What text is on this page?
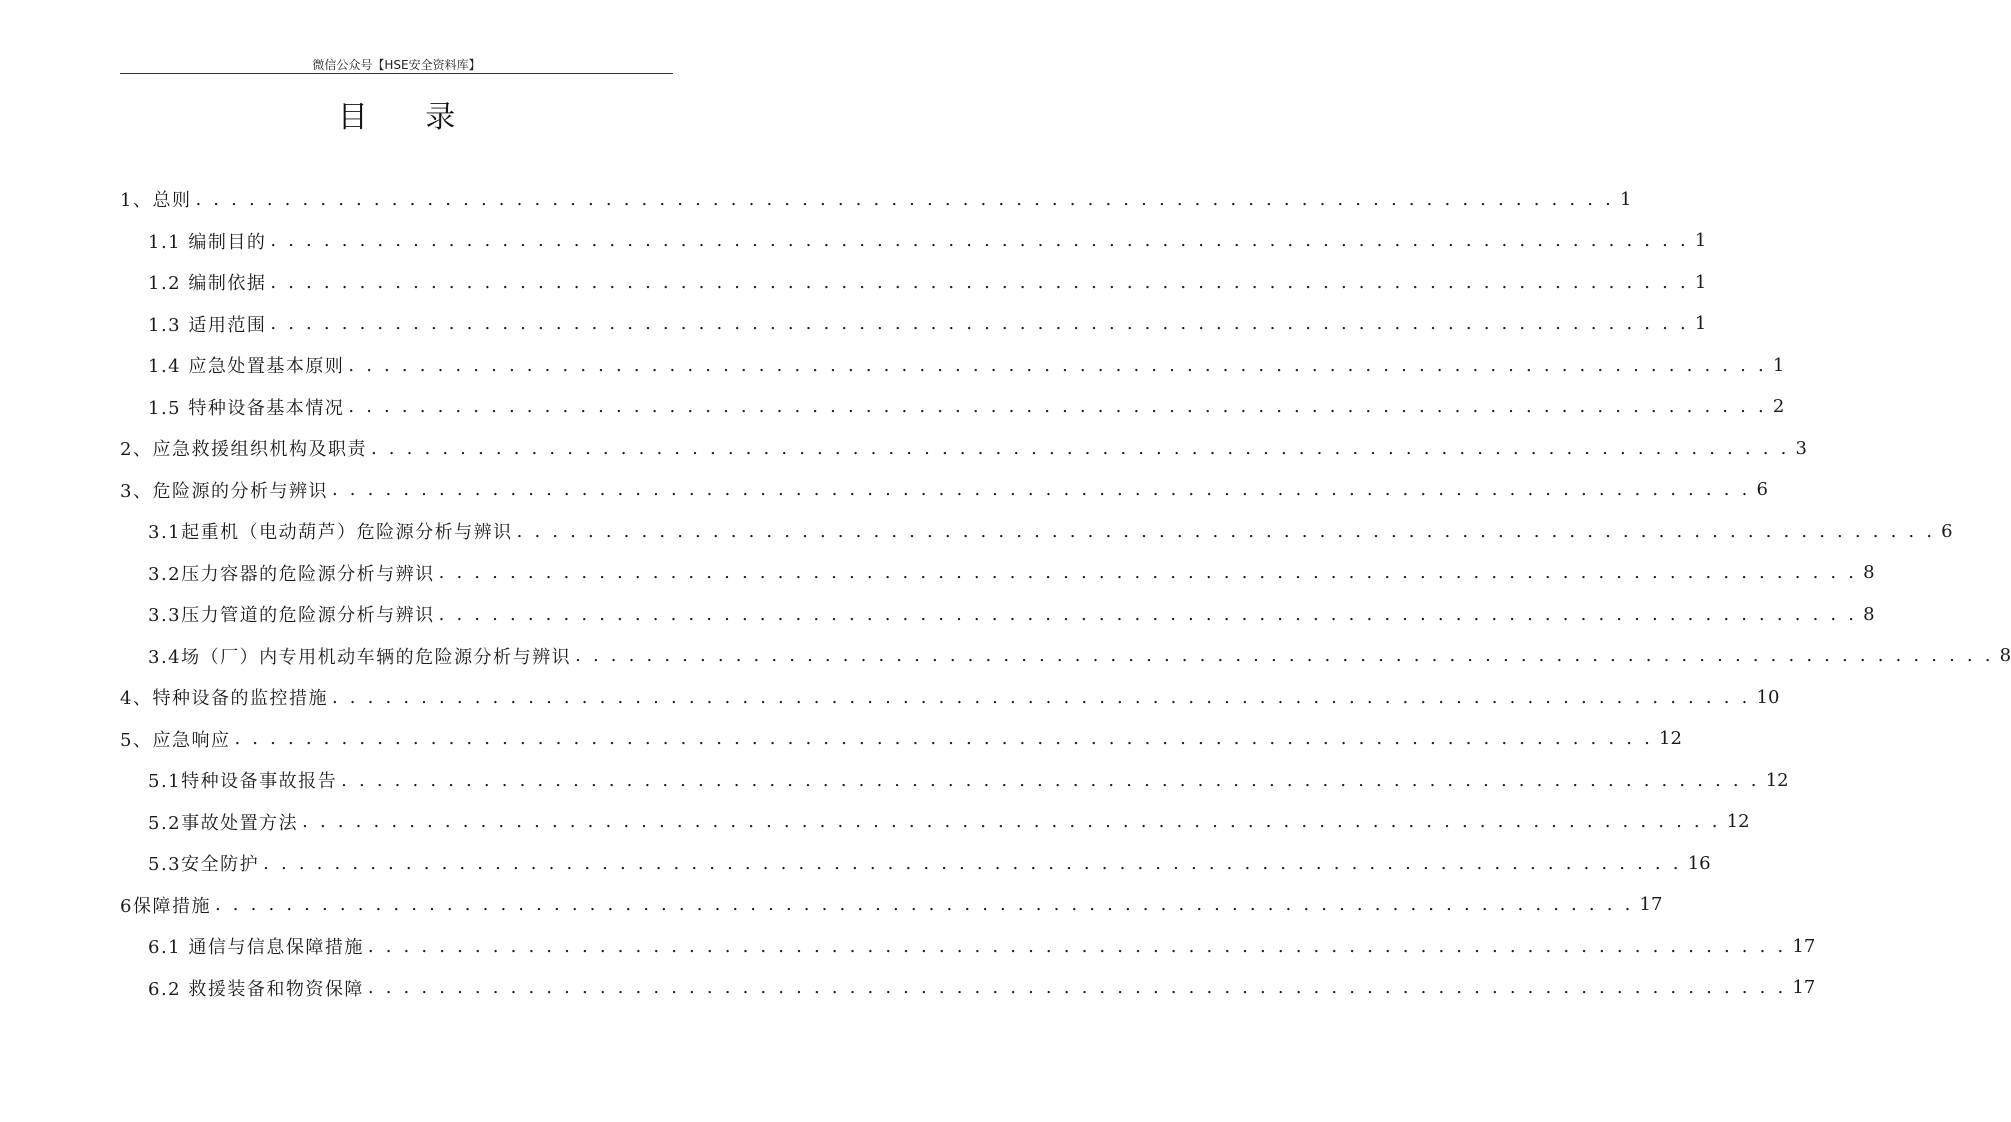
微信公众号【HSE安全资料库】
目 录
1、总则 . . . . . . . . . . . . . . . . . . . . . . . . . . . . . . . . . . . . . . . . . . . . . . . . . . . . . . . . . . . . . . . . . . . . . . . . . . . . . . . . 1
1.1 编制目的 . . . . . . . . . . . . . . . . . . . . . . . . . . . . . . . . . . . . . . . . . . . . . . . . . . . . . . . . . . . . . . . . . . . . . . . . . . . . . . . . 1
1.2 编制依据 . . . . . . . . . . . . . . . . . . . . . . . . . . . . . . . . . . . . . . . . . . . . . . . . . . . . . . . . . . . . . . . . . . . . . . . . . . . . . . . . 1
1.3 适用范围 . . . . . . . . . . . . . . . . . . . . . . . . . . . . . . . . . . . . . . . . . . . . . . . . . . . . . . . . . . . . . . . . . . . . . . . . . . . . . . . . 1
1.4 应急处置基本原则 . . . . . . . . . . . . . . . . . . . . . . . . . . . . . . . . . . . . . . . . . . . . . . . . . . . . . . . . . . . . . . . . . . . . . . . . . . . . . . . . 1
1.5 特种设备基本情况 . . . . . . . . . . . . . . . . . . . . . . . . . . . . . . . . . . . . . . . . . . . . . . . . . . . . . . . . . . . . . . . . . . . . . . . . . . . . . . . . 2
2、应急救援组织机构及职责 . . . . . . . . . . . . . . . . . . . . . . . . . . . . . . . . . . . . . . . . . . . . . . . . . . . . . . . . . . . . . . . . . . . . . . . . . . . . . . . . 3
3、危险源的分析与辨识 . . . . . . . . . . . . . . . . . . . . . . . . . . . . . . . . . . . . . . . . . . . . . . . . . . . . . . . . . . . . . . . . . . . . . . . . . . . . . . . . 6
3.1起重机（电动葫芦）危险源分析与辨识 . . . . . . . . . . . . . . . . . . . . . . . . . . . . . . . . . . . . . . . . . . . . . . . . . . . . . . . . . . . . . . . . . . . . . . . . . . . . . . . . 6
3.2压力容器的危险源分析与辨识 . . . . . . . . . . . . . . . . . . . . . . . . . . . . . . . . . . . . . . . . . . . . . . . . . . . . . . . . . . . . . . . . . . . . . . . . . . . . . . . . 8
3.3压力管道的危险源分析与辨识 . . . . . . . . . . . . . . . . . . . . . . . . . . . . . . . . . . . . . . . . . . . . . . . . . . . . . . . . . . . . . . . . . . . . . . . . . . . . . . . . 8
3.4场（厂）内专用机动车辆的危险源分析与辨识 . . . . . . . . . . . . . . . . . . . . . . . . . . . . . . . . . . . . . . . . . . . . . . . . . . . . . . . . . . . . . . . . . . . . . . . . . . . . . . . . 8
4、特种设备的监控措施 . . . . . . . . . . . . . . . . . . . . . . . . . . . . . . . . . . . . . . . . . . . . . . . . . . . . . . . . . . . . . . . . . . . . . . . . . . . . . . . . 10
5、应急响应 . . . . . . . . . . . . . . . . . . . . . . . . . . . . . . . . . . . . . . . . . . . . . . . . . . . . . . . . . . . . . . . . . . . . . . . . . . . . . . . . 12
5.1特种设备事故报告 . . . . . . . . . . . . . . . . . . . . . . . . . . . . . . . . . . . . . . . . . . . . . . . . . . . . . . . . . . . . . . . . . . . . . . . . . . . . . . . . 12
5.2事故处置方法 . . . . . . . . . . . . . . . . . . . . . . . . . . . . . . . . . . . . . . . . . . . . . . . . . . . . . . . . . . . . . . . . . . . . . . . . . . . . . . . . 12
5.3安全防护 . . . . . . . . . . . . . . . . . . . . . . . . . . . . . . . . . . . . . . . . . . . . . . . . . . . . . . . . . . . . . . . . . . . . . . . . . . . . . . . . 16
6保障措施 . . . . . . . . . . . . . . . . . . . . . . . . . . . . . . . . . . . . . . . . . . . . . . . . . . . . . . . . . . . . . . . . . . . . . . . . . . . . . . . . 17
6.1 通信与信息保障措施 . . . . . . . . . . . . . . . . . . . . . . . . . . . . . . . . . . . . . . . . . . . . . . . . . . . . . . . . . . . . . . . . . . . . . . . . . . . . . . . . 17
6.2 救援装备和物资保障 . . . . . . . . . . . . . . . . . . . . . . . . . . . . . . . . . . . . . . . . . . . . . . . . . . . . . . . . . . . . . . . . . . . . . . . . . . . . . . . . 17
